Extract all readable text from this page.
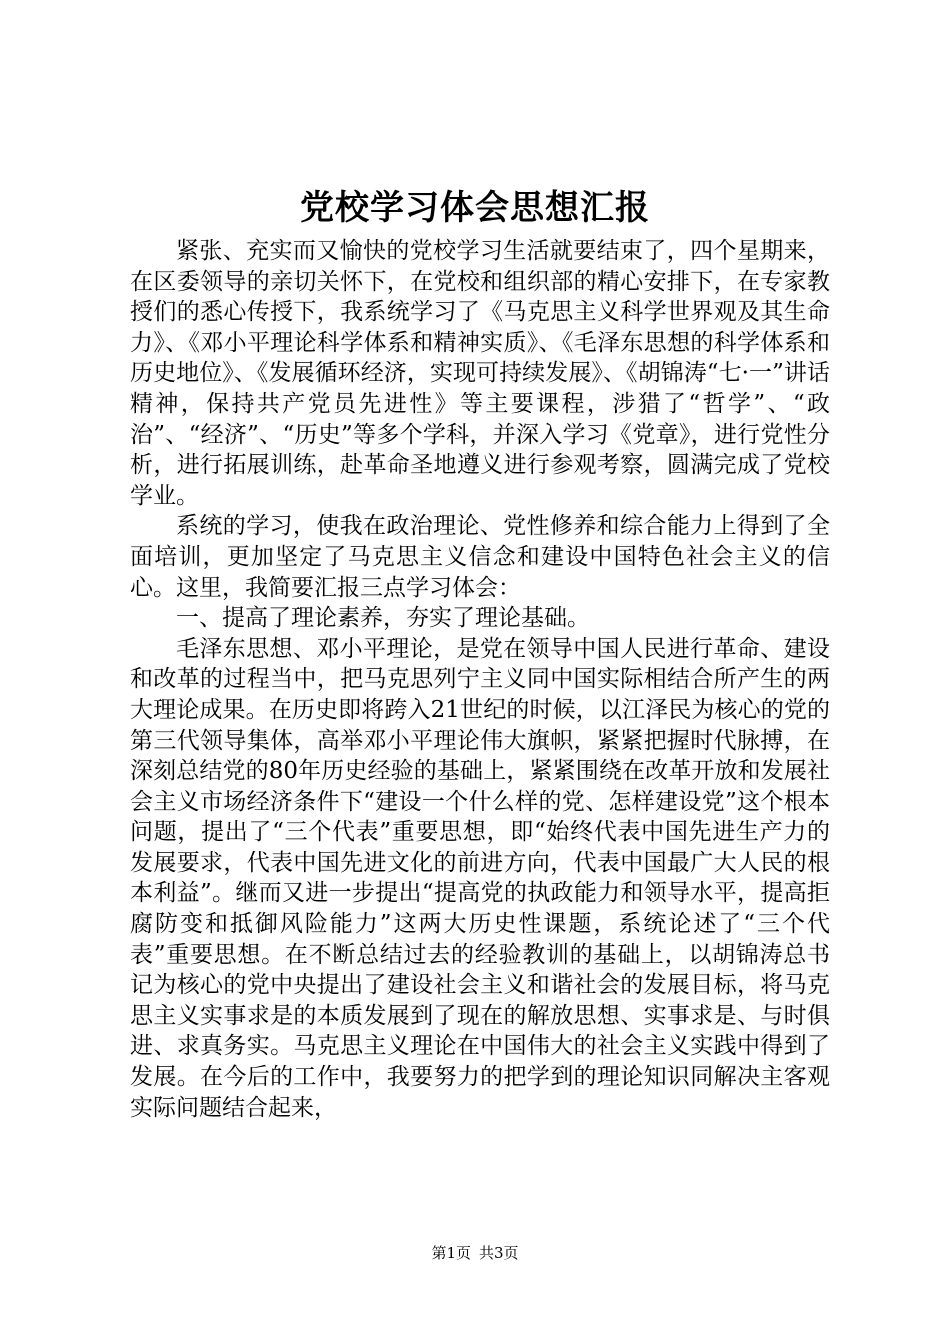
党校学习体会思想汇报

紧张、充实而又愉快的党校学习生活就要结束了，四个星期来，在区委领导的亲切关怀下，在党校和组织部的精心安排下，在专家教授们的悉心传授下，我系统学习了《马克思主义科学世界观及其生命力》、《邓小平理论科学体系和精神实质》、《毛泽东思想的科学体系和历史地位》、《发展循环经济，实现可持续发展》、《胡锦涛“七·一”讲话精神，保持共产党员先进性》等主要课程，涉猎了“哲学”、“政治”、“经济”、“历史”等多个学科，并深入学习《党章》，进行党性分析，进行拓展训练，赴革命圣地遵义进行参观考察，圆满完成了党校学业。

系统的学习，使我在政治理论、党性修养和综合能力上得到了全面培训，更加坚定了马克思主义信念和建设中国特色社会主义的信心。这里，我简要汇报三点学习体会：

一、提高了理论素养，夯实了理论基础。

毛泽东思想、邓小平理论，是党在领导中国人民进行革命、建设和改革的过程当中，把马克思列宁主义同中国实际相结合所产生的两大理论成果。在历史即将跨入21世纪的时候，以江泽民为核心的党的第三代领导集体，高举邓小平理论伟大旗帜，紧紧把握时代脉搏，在深刻总结党的80年历史经验的基础上，紧紧围绕在改革开放和发展社会主义市场经济条件下“建设一个什么样的党、怎样建设党”这个根本问题，提出了“三个代表”重要思想，即“始终代表中国先进生产力的发展要求，代表中国先进文化的前进方向，代表中国最广大人民的根本利益”。继而又进一步提出“提高党的执政能力和领导水平，提高拒腐防变和抵御风险能力”这两大历史性课题，系统论述了“三个代表”重要思想。在不断总结过去的经验教训的基础上，以胡锦涛总书记为核心的党中央提出了建设社会主义和谐社会的发展目标，将马克思主义实事求是的本质发展到了现在的解放思想、实事求是、与时俱进、求真务实。马克思主义理论在中国伟大的社会主义实践中得到了发展。在今后的工作中，我要努力的把学到的理论知识同解决主客观实际问题结合起来，

第1页 共3页
